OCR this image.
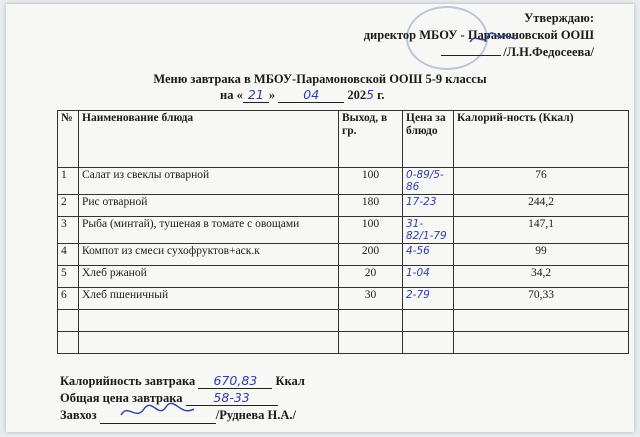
Утверждаю:
директор МБОУ - Парамоновской ООШ
/Л.Н.Федосеева/
Меню завтрака в МБОУ-Парамоновской ООШ 5-9 классы
на « 21 » 04 2025 г.
№	Наименование блюда	Выход, в гр.	Цена за блюдо	Калорий-ность (Ккал)
1	Салат из свеклы отварной	100	0-89/5-86	76
2	Рис отварной	180	17-23	244,2
3	Рыба (минтай), тушеная в томате с овощами	100	31-82/1-79	147,1
4	Компот из смеси сухофруктов+аск.к	200	4-56	99
5	Хлеб ржаной	20	1-04	34,2
6	Хлеб пшеничный	30	2-79	70,33

Калорийность завтрака 670,83 Ккал
Общая цена завтрака 58-33
Завхоз	/Руднева Н.А./
